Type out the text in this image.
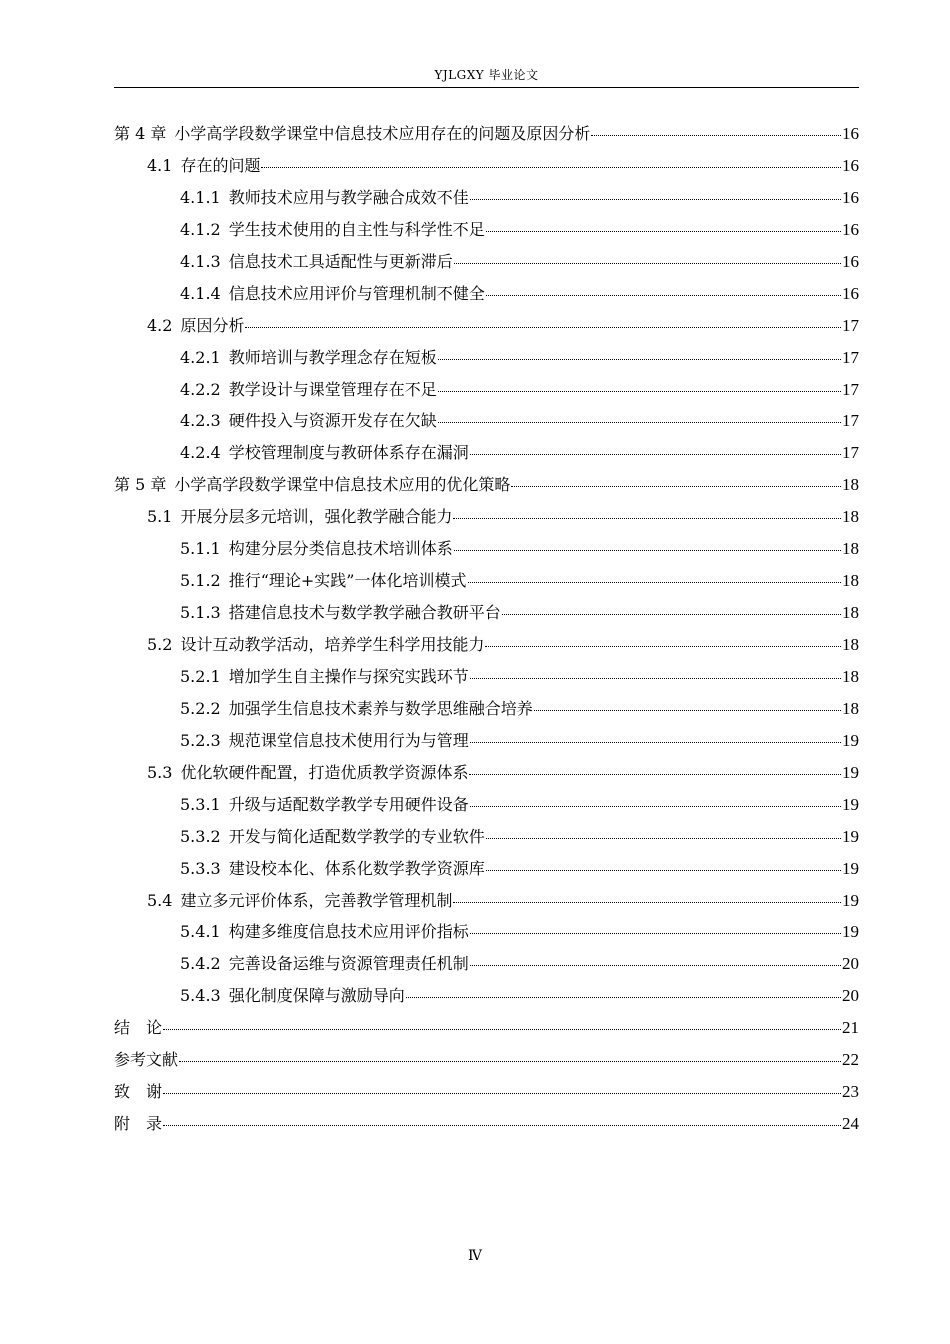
YJLGXY 毕业论文
第 4 章 小学高学段数学课堂中信息技术应用存在的问题及原因分析	16
4.1 存在的问题	16
4.1.1 教师技术应用与教学融合成效不佳	16
4.1.2 学生技术使用的自主性与科学性不足	16
4.1.3 信息技术工具适配性与更新滞后	16
4.1.4 信息技术应用评价与管理机制不健全	16
4.2 原因分析	17
4.2.1 教师培训与教学理念存在短板	17
4.2.2 教学设计与课堂管理存在不足	17
4.2.3 硬件投入与资源开发存在欠缺	17
4.2.4 学校管理制度与教研体系存在漏洞	17
第 5 章 小学高学段数学课堂中信息技术应用的优化策略	18
5.1 开展分层多元培训，强化教学融合能力	18
5.1.1 构建分层分类信息技术培训体系	18
5.1.2 推行“理论+实践”一体化培训模式	18
5.1.3 搭建信息技术与数学教学融合教研平台	18
5.2 设计互动教学活动，培养学生科学用技能力	18
5.2.1 增加学生自主操作与探究实践环节	18
5.2.2 加强学生信息技术素养与数学思维融合培养	18
5.2.3 规范课堂信息技术使用行为与管理	19
5.3 优化软硬件配置，打造优质教学资源体系	19
5.3.1 升级与适配数学教学专用硬件设备	19
5.3.2 开发与简化适配数学教学的专业软件	19
5.3.3 建设校本化、体系化数学教学资源库	19
5.4 建立多元评价体系，完善教学管理机制	19
5.4.1 构建多维度信息技术应用评价指标	19
5.4.2 完善设备运维与资源管理责任机制	20
5.4.3 强化制度保障与激励导向	20
结　论	21
参考文献	22
致　谢	23
附　录	24
Ⅳ
